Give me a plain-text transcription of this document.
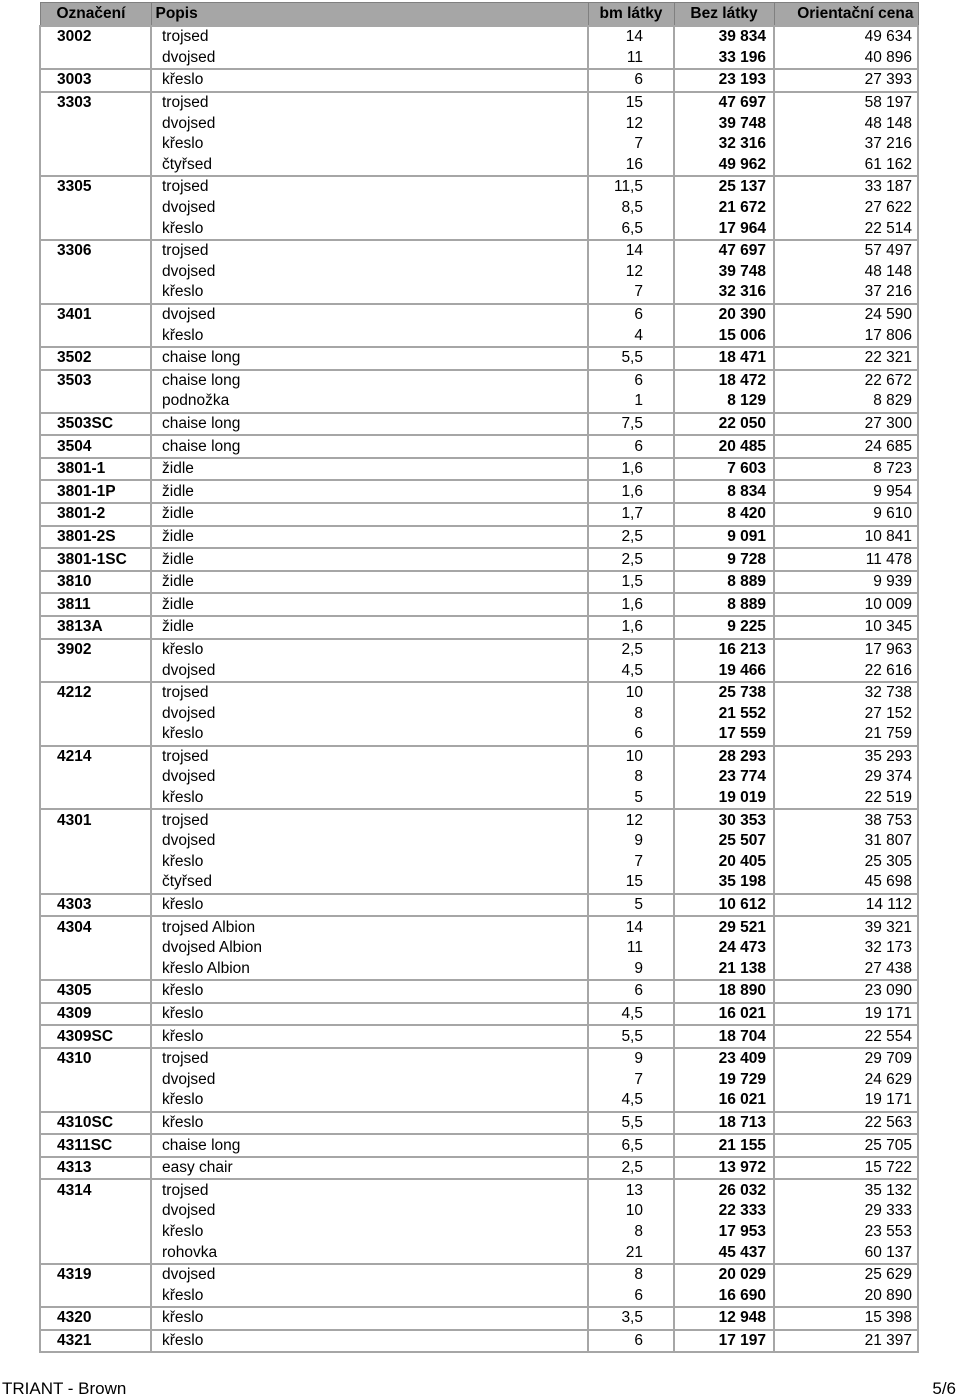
Označení	Popis	bm látky	Bez látky	Orientační cena
3002	trojsed	14	39 834	49 634
	dvojsed	11	33 196	40 896
3003	křeslo	6	23 193	27 393
3303	trojsed	15	47 697	58 197
	dvojsed	12	39 748	48 148
	křeslo	7	32 316	37 216
	čtyřsed	16	49 962	61 162
3305	trojsed	11,5	25 137	33 187
	dvojsed	8,5	21 672	27 622
	křeslo	6,5	17 964	22 514
3306	trojsed	14	47 697	57 497
	dvojsed	12	39 748	48 148
	křeslo	7	32 316	37 216
3401	dvojsed	6	20 390	24 590
	křeslo	4	15 006	17 806
3502	chaise long	5,5	18 471	22 321
3503	chaise long	6	18 472	22 672
	podnožka	1	8 129	8 829
3503SC	chaise long	7,5	22 050	27 300
3504	chaise long	6	20 485	24 685
3801-1	židle	1,6	7 603	8 723
3801-1P	židle	1,6	8 834	9 954
3801-2	židle	1,7	8 420	9 610
3801-2S	židle	2,5	9 091	10 841
3801-1SC	židle	2,5	9 728	11 478
3810	židle	1,5	8 889	9 939
3811	židle	1,6	8 889	10 009
3813A	židle	1,6	9 225	10 345
3902	křeslo	2,5	16 213	17 963
	dvojsed	4,5	19 466	22 616
4212	trojsed	10	25 738	32 738
	dvojsed	8	21 552	27 152
	křeslo	6	17 559	21 759
4214	trojsed	10	28 293	35 293
	dvojsed	8	23 774	29 374
	křeslo	5	19 019	22 519
4301	trojsed	12	30 353	38 753
	dvojsed	9	25 507	31 807
	křeslo	7	20 405	25 305
	čtyřsed	15	35 198	45 698
4303	křeslo	5	10 612	14 112
4304	trojsed Albion	14	29 521	39 321
	dvojsed Albion	11	24 473	32 173
	křeslo Albion	9	21 138	27 438
4305	křeslo	6	18 890	23 090
4309	křeslo	4,5	16 021	19 171
4309SC	křeslo	5,5	18 704	22 554
4310	trojsed	9	23 409	29 709
	dvojsed	7	19 729	24 629
	křeslo	4,5	16 021	19 171
4310SC	křeslo	5,5	18 713	22 563
4311SC	chaise long	6,5	21 155	25 705
4313	easy chair	2,5	13 972	15 722
4314	trojsed	13	26 032	35 132
	dvojsed	10	22 333	29 333
	křeslo	8	17 953	23 553
	rohovka	21	45 437	60 137
4319	dvojsed	8	20 029	25 629
	křeslo	6	16 690	20 890
4320	křeslo	3,5	12 948	15 398
4321	křeslo	6	17 197	21 397
TRIANT - Brown	5/6
